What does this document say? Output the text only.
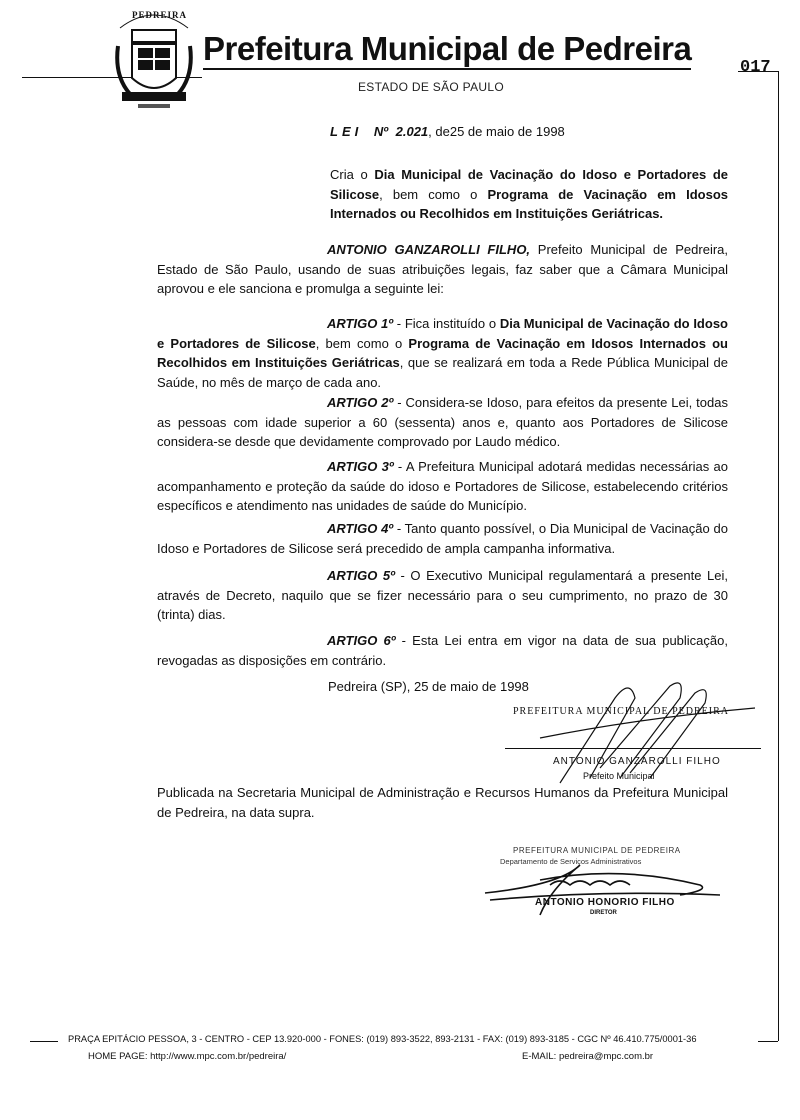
PEDREIRA
Prefeitura Municipal de Pedreira
ESTADO DE SÃO PAULO
017
LEI Nº 2.021, de25 de maio de 1998
Cria o Dia Municipal de Vacinação do Idoso e Portadores de Silicose, bem como o Programa de Vacinação em Idosos Internados ou Recolhidos em Instituições Geriátricas.
ANTONIO GANZAROLLI FILHO, Prefeito Municipal de Pedreira, Estado de São Paulo, usando de suas atribuições legais, faz saber que a Câmara Municipal aprovou e ele sanciona e promulga a seguinte lei:
ARTIGO 1º - Fica instituído o Dia Municipal de Vacinação do Idoso e Portadores de Silicose, bem como o Programa de Vacinação em Idosos Internados ou Recolhidos em Instituições Geriátricas, que se realizará em toda a Rede Pública Municipal de Saúde, no mês de março de cada ano.
ARTIGO 2º - Considera-se Idoso, para efeitos da presente Lei, todas as pessoas com idade superior a 60 (sessenta) anos e, quanto aos Portadores de Silicose considera-se desde que devidamente comprovado por Laudo médico.
ARTIGO 3º - A Prefeitura Municipal adotará medidas necessárias ao acompanhamento e proteção da saúde do idoso e Portadores de Silicose, estabelecendo critérios específicos e atendimento nas unidades de saúde do Município.
ARTIGO 4º - Tanto quanto possível, o Dia Municipal de Vacinação do Idoso e Portadores de Silicose será precedido de ampla campanha informativa.
ARTIGO 5º - O Executivo Municipal regulamentará a presente Lei, através de Decreto, naquilo que se fizer necessário para o seu cumprimento, no prazo de 30 (trinta) dias.
ARTIGO 6º - Esta Lei entra em vigor na data de sua publicação, revogadas as disposições em contrário.
Pedreira (SP), 25 de maio de 1998
PREFEITURA MUNICIPAL DE PEDREIRA
ANTONIO GANZAROLLI FILHO
Prefeito Municipal
Publicada na Secretaria Municipal de Administração e Recursos Humanos da Prefeitura Municipal de Pedreira, na data supra.
PREFEITURA MUNICIPAL DE PEDREIRA
Departamento de Serviços Administrativos
ANTONIO HONORIO FILHO
DIRETOR
PRAÇA EPITÁCIO PESSOA, 3 - CENTRO - CEP 13.920-000 - FONES: (019) 893-3522, 893-2131 - FAX: (019) 893-3185 - CGC Nº 46.410.775/0001-36
HOME PAGE: http://www.mpc.com.br/pedreira/	E-MAIL: pedreira@mpc.com.br
